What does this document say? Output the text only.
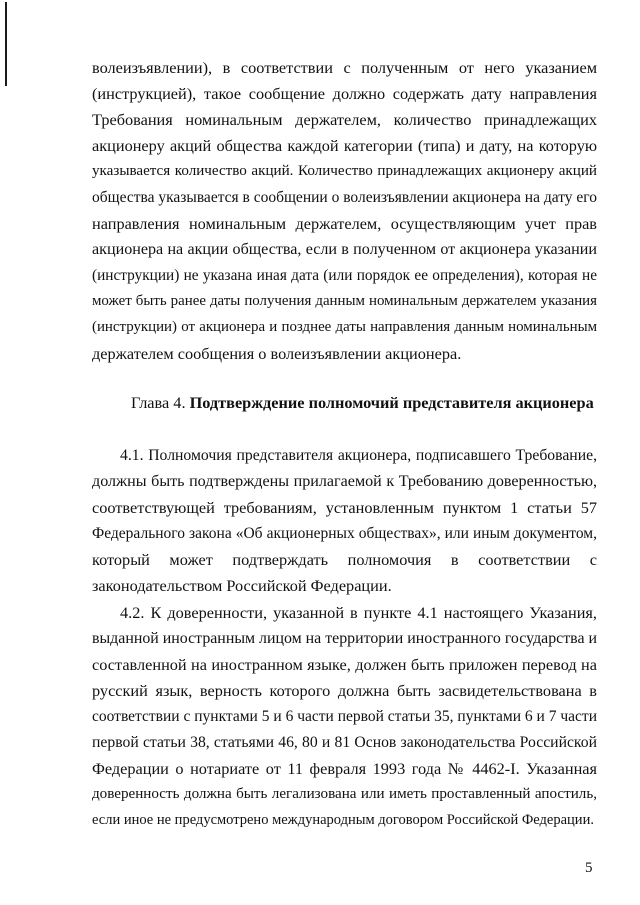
волеизъявлении), в соответствии с полученным от него указанием
(инструкцией), такое сообщение должно содержать дату направления
Требования номинальным держателем, количество принадлежащих
акционеру акций общества каждой категории (типа) и дату, на которую
указывается количество акций. Количество принадлежащих акционеру акций
общества указывается в сообщении о волеизъявлении акционера на дату его
направления номинальным держателем, осуществляющим учет прав
акционера на акции общества, если в полученном от акционера указании
(инструкции) не указана иная дата (или порядок ее определения), которая не
может быть ранее даты получения данным номинальным держателем указания
(инструкции) от акционера и позднее даты направления данным номинальным
держателем сообщения о волеизъявлении акционера.
Глава 4. Подтверждение полномочий представителя акционера
4.1. Полномочия представителя акционера, подписавшего Требование,
должны быть подтверждены прилагаемой к Требованию доверенностью,
соответствующей требованиям, установленным пунктом 1 статьи 57
Федерального закона «Об акционерных обществах», или иным документом,
который может подтверждать полномочия в соответствии с
законодательством Российской Федерации.
4.2. К доверенности, указанной в пункте 4.1 настоящего Указания,
выданной иностранным лицом на территории иностранного государства и
составленной на иностранном языке, должен быть приложен перевод на
русский язык, верность которого должна быть засвидетельствована в
соответствии с пунктами 5 и 6 части первой статьи 35, пунктами 6 и 7 части
первой статьи 38, статьями 46, 80 и 81 Основ законодательства Российской
Федерации о нотариате от 11 февраля 1993 года № 4462-I. Указанная
доверенность должна быть легализована или иметь проставленный апостиль,
если иное не предусмотрено международным договором Российской Федерации.
5
